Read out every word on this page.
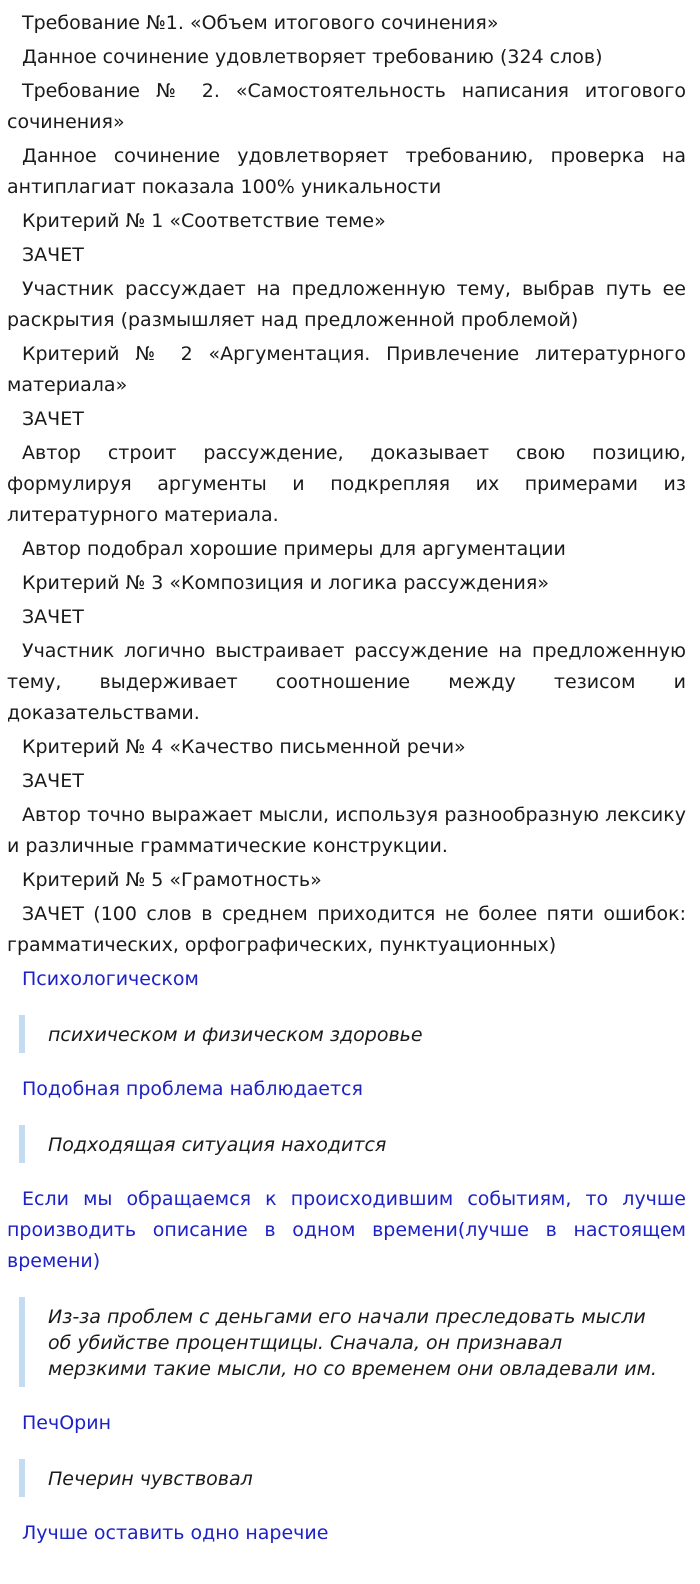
Требование №1. «Объем итогового сочинения»

Данное сочинение удовлетворяет требованию (324 слов)

Требование № 2. «Самостоятельность написания итогового сочинения»

Данное сочинение удовлетворяет требованию, проверка на антиплагиат показала 100% уникальности

Критерий № 1 «Соответствие теме»

ЗАЧЕТ

Участник рассуждает на предложенную тему, выбрав путь ее раскрытия (размышляет над предложенной проблемой)

Критерий № 2 «Аргументация. Привлечение литературного материала»

ЗАЧЕТ

Автор строит рассуждение, доказывает свою позицию, формулируя аргументы и подкрепляя их примерами из литературного материала.

Автор подобрал хорошие примеры для аргументации

Критерий № 3 «Композиция и логика рассуждения»

ЗАЧЕТ

Участник логично выстраивает рассуждение на предложенную тему, выдерживает соотношение между тезисом и доказательствами.

Критерий № 4 «Качество письменной речи»

ЗАЧЕТ

Автор точно выражает мысли, используя разнообразную лексику и различные грамматические конструкции.

Критерий № 5 «Грамотность»

ЗАЧЕТ (100 слов в среднем приходится не более пяти ошибок: грамматических, орфографических, пунктуационных)

Психологическом

психическом и физическом здоровье

Подобная проблема наблюдается

Подходящая ситуация находится

Если мы обращаемся к происходившим событиям, то лучше производить описание в одном времени(лучше в настоящем времени)

Из-за проблем с деньгами его начали преследовать мысли об убийстве процентщицы. Сначала, он признавал мерзкими такие мысли, но со временем они овладевали им.

ПечОрин

Печерин чувствовал

Лучше оставить одно наречие
